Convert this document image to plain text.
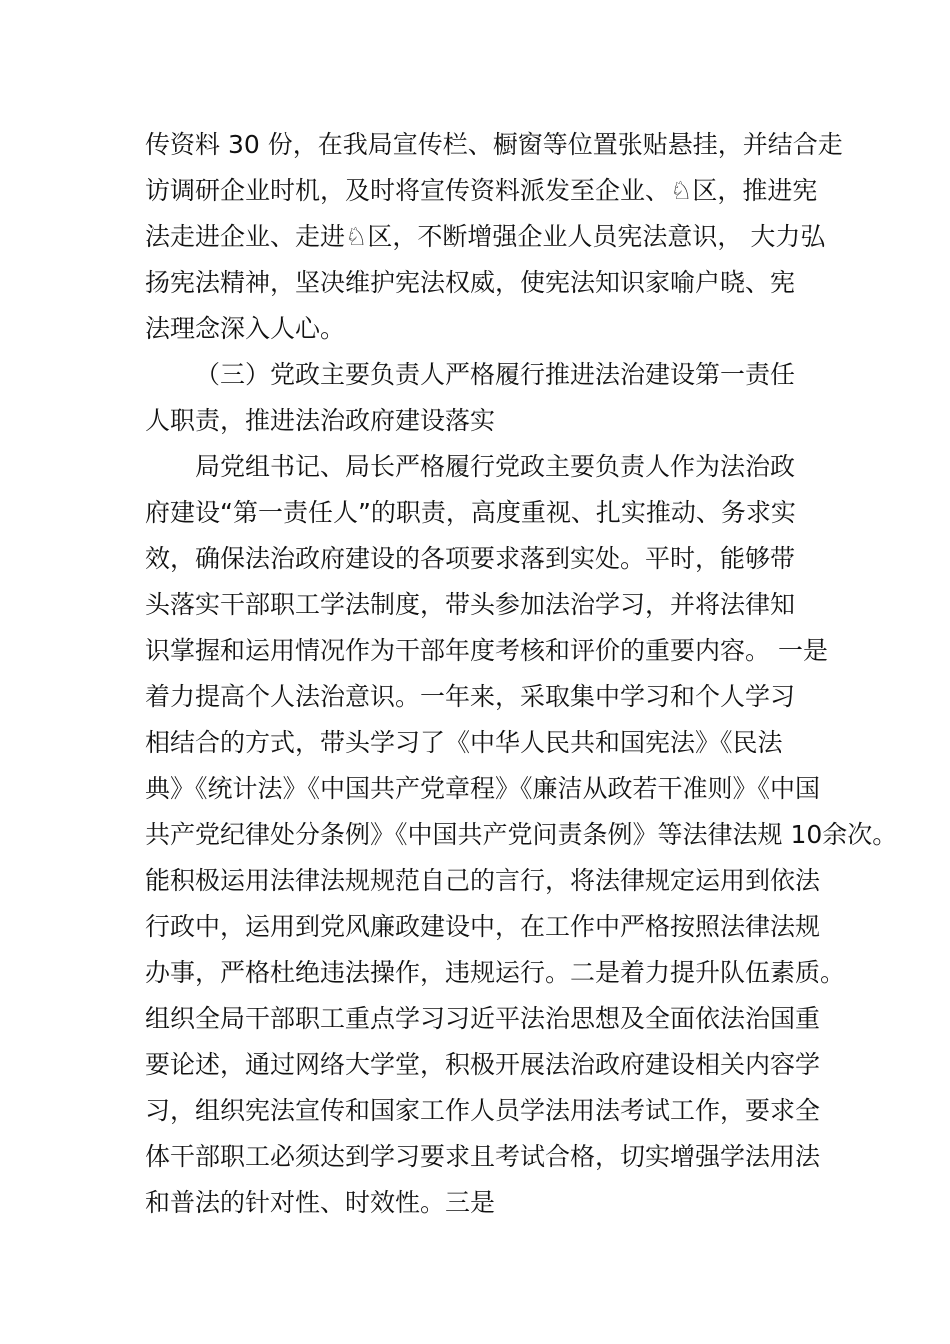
传资料 30 份，在我局宣传栏、橱窗等位置张贴悬挂，并结合走
访调研企业时机，及时将宣传资料派发至企业、♘区，推进宪
法走进企业、走进♘区，不断增强企业人员宪法意识， 大力弘
扬宪法精神，坚决维护宪法权威，使宪法知识家喻户晓、宪
法理念深入人心。
（三）党政主要负责人严格履行推进法治建设第一责任
人职责，推进法治政府建设落实
局党组书记、局长严格履行党政主要负责人作为法治政
府建设“第一责任人”的职责，高度重视、扎实推动、务求实
效，确保法治政府建设的各项要求落到实处。平时，能够带
头落实干部职工学法制度，带头参加法治学习，并将法律知
识掌握和运用情况作为干部年度考核和评价的重要内容。 一是
着力提高个人法治意识。一年来，采取集中学习和个人学习
相结合的方式，带头学习了《中华人民共和国宪法》《民法
典》《统计法》《中国共产党章程》《廉洁从政若干准则》《中国
共产党纪律处分条例》《中国共产党问责条例》等法律法规 10余次。
能积极运用法律法规规范自己的言行，将法律规定运用到依法
行政中，运用到党风廉政建设中，在工作中严格按照法律法规
办事，严格杜绝违法操作，违规运行。二是着力提升队伍素质。
组织全局干部职工重点学习习近平法治思想及全面依法治国重
要论述，通过网络大学堂，积极开展法治政府建设相关内容学
习，组织宪法宣传和国家工作人员学法用法考试工作，要求全
体干部职工必须达到学习要求且考试合格，切实增强学法用法
和普法的针对性、时效性。三是
